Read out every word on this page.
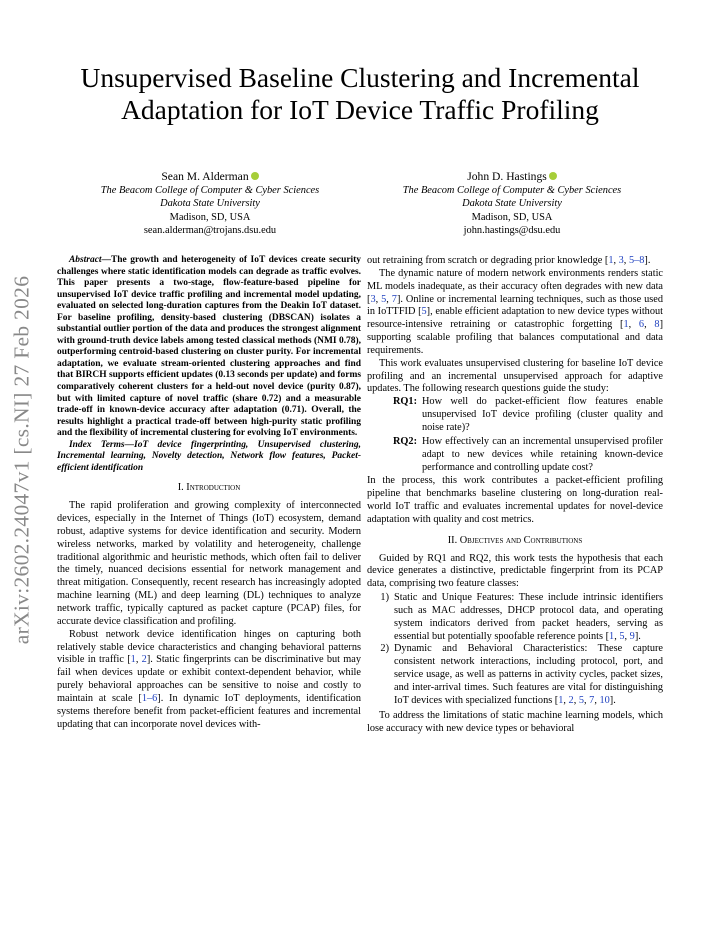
arXiv:2602.24047v1 [cs.NI] 27 Feb 2026
Unsupervised Baseline Clustering and Incremental Adaptation for IoT Device Traffic Profiling
Sean M. Alderman
The Beacom College of Computer & Cyber Sciences
Dakota State University
Madison, SD, USA
sean.alderman@trojans.dsu.edu
John D. Hastings
The Beacom College of Computer & Cyber Sciences
Dakota State University
Madison, SD, USA
john.hastings@dsu.edu

Abstract—The growth and heterogeneity of IoT devices create security challenges where static identification models can degrade as traffic evolves. This paper presents a two-stage, flow-feature-based pipeline for unsupervised IoT device traffic profiling and incremental model updating, evaluated on selected long-duration captures from the Deakin IoT dataset. For baseline profiling, density-based clustering (DBSCAN) isolates a substantial outlier portion of the data and produces the strongest alignment with ground-truth device labels among tested classical methods (NMI 0.78), outperforming centroid-based clustering on cluster purity. For incremental adaptation, we evaluate stream-oriented clustering approaches and find that BIRCH supports efficient updates (0.13 seconds per update) and forms comparatively coherent clusters for a held-out novel device (purity 0.87), but with limited capture of novel traffic (share 0.72) and a measurable trade-off in known-device accuracy after adaptation (0.71). Overall, the results highlight a practical trade-off between high-purity static profiling and the flexibility of incremental clustering for evolving IoT environments.

Index Terms—IoT device fingerprinting, Unsupervised clustering, Incremental learning, Novelty detection, Network flow features, Packet-efficient identification

I. Introduction

The rapid proliferation and growing complexity of interconnected devices, especially in the Internet of Things (IoT) ecosystem, demand robust, adaptive systems for device identification and security. Modern wireless networks, marked by volatility and heterogeneity, challenge traditional algorithmic and heuristic methods, which often fail to deliver the timely, nuanced decisions essential for network management and threat mitigation. Consequently, recent research has increasingly adopted machine learning (ML) and deep learning (DL) techniques to analyze network traffic, typically captured as packet capture (PCAP) files, for accurate device classification and profiling.

Robust network device identification hinges on capturing both relatively stable device characteristics and changing behavioral patterns visible in traffic [1, 2]. Static fingerprints can be discriminative but may fail when devices update or exhibit context-dependent behavior, while purely behavioral approaches can be sensitive to noise and costly to maintain at scale [1–6]. In dynamic IoT deployments, identification systems therefore benefit from packet-efficient features and incremental updating that can incorporate novel devices with-

out retraining from scratch or degrading prior knowledge [1, 3, 5–8].

The dynamic nature of modern network environments renders static ML models inadequate, as their accuracy often degrades with new data [3, 5, 7]. Online or incremental learning techniques, such as those used in IoTTFID [5], enable efficient adaptation to new device types without resource-intensive retraining or catastrophic forgetting [1, 6, 8] supporting scalable profiling that balances computational and data requirements.

This work evaluates unsupervised clustering for baseline IoT device profiling and an incremental unsupervised approach for adaptive updates. The following research questions guide the study:

RQ1: How well do packet-efficient flow features enable unsupervised IoT device profiling (cluster quality and noise rate)?
RQ2: How effectively can an incremental unsupervised profiler adapt to new devices while retaining known-device performance and controlling update cost?

In the process, this work contributes a packet-efficient profiling pipeline that benchmarks baseline clustering on long-duration real-world IoT traffic and evaluates incremental updates for novel-device adaptation with quality and cost metrics.

II. Objectives and Contributions

Guided by RQ1 and RQ2, this work tests the hypothesis that each device generates a distinctive, predictable fingerprint from its PCAP data, comprising two feature classes:

1) Static and Unique Features: These include intrinsic identifiers such as MAC addresses, DHCP protocol data, and operating system indicators derived from packet headers, serving as essential but potentially spoofable reference points [1, 5, 9].
2) Dynamic and Behavioral Characteristics: These capture consistent network interactions, including protocol, port, and service usage, as well as patterns in activity cycles, packet sizes, and inter-arrival times. Such features are vital for distinguishing IoT devices with specialized functions [1, 2, 5, 7, 10].

To address the limitations of static machine learning models, which lose accuracy with new device types or behavioral
